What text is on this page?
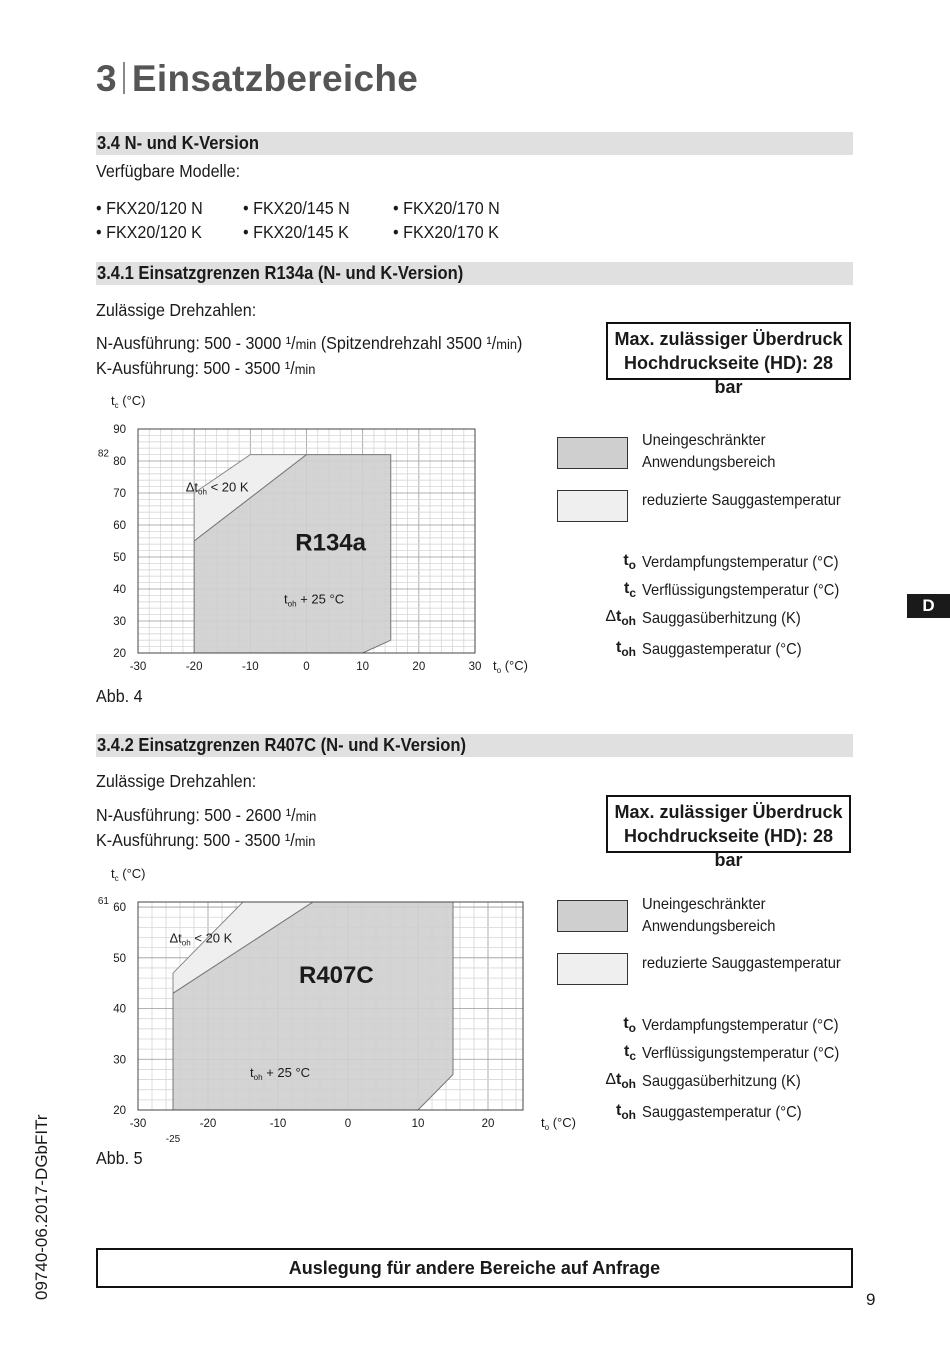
3 Einsatzbereiche
3.4 N- und K-Version
Verfügbare Modelle:
• FKX20/120 N • FKX20/145 N • FKX20/170 N
• FKX20/120 K • FKX20/145 K	• FKX20/170 K
3.4.1 Einsatzgrenzen R134a (N- und K-Version)
Zulässige Drehzahlen:
N-Ausführung: 500 - 3000 ¹/min (Spitzendrehzahl 3500 ¹/min)
K-Ausführung: 500 - 3500 ¹/min
Max. zulässiger Überdruck
Hochdruckseite (HD): 28 bar
-30	-20	-10	0	10	20	30
20
30
40
50
60
70
80
90
82
$t_c$ (°C)
$t_o$ (°C)
R134a
$\Delta t_{oh} < 20$ K
$t_{oh} + 25$ °C
Abb. 4
Uneingeschränkter
Anwendungsbereich
reduzierte Sauggastemperatur
$t_o$ Verdampfungstemperatur (°C)
$t_c$ Verflüssigungstemperatur (°C)
$\Delta t_{oh}$ Sauggasüberhitzung (K)
$t_{oh}$ Sauggastemperatur (°C)
D
3.4.2 Einsatzgrenzen R407C (N- und K-Version)
Zulässige Drehzahlen:
N-Ausführung: 500 - 2600 ¹/min
K-Ausführung: 500 - 3500 ¹/min
Max. zulässiger Überdruck
Hochdruckseite (HD): 28 bar
-30	-20	-10	0	10	20
20
30
40
50
60
61
-25
$t_c$ (°C)
$t_o$ (°C)
R407C
$\Delta t_{oh} < 20$ K
$t_{oh} + 25$ °C
Abb. 5
Uneingeschränkter
Anwendungsbereich
reduzierte Sauggastemperatur
$t_o$ Verdampfungstemperatur (°C)
$t_c$ Verflüssigungstemperatur (°C)
$\Delta t_{oh}$ Sauggasüberhitzung (K)
$t_{oh}$ Sauggastemperatur (°C)
Auslegung für andere Bereiche auf Anfrage
09740-06.2017-DGbFITr	9
